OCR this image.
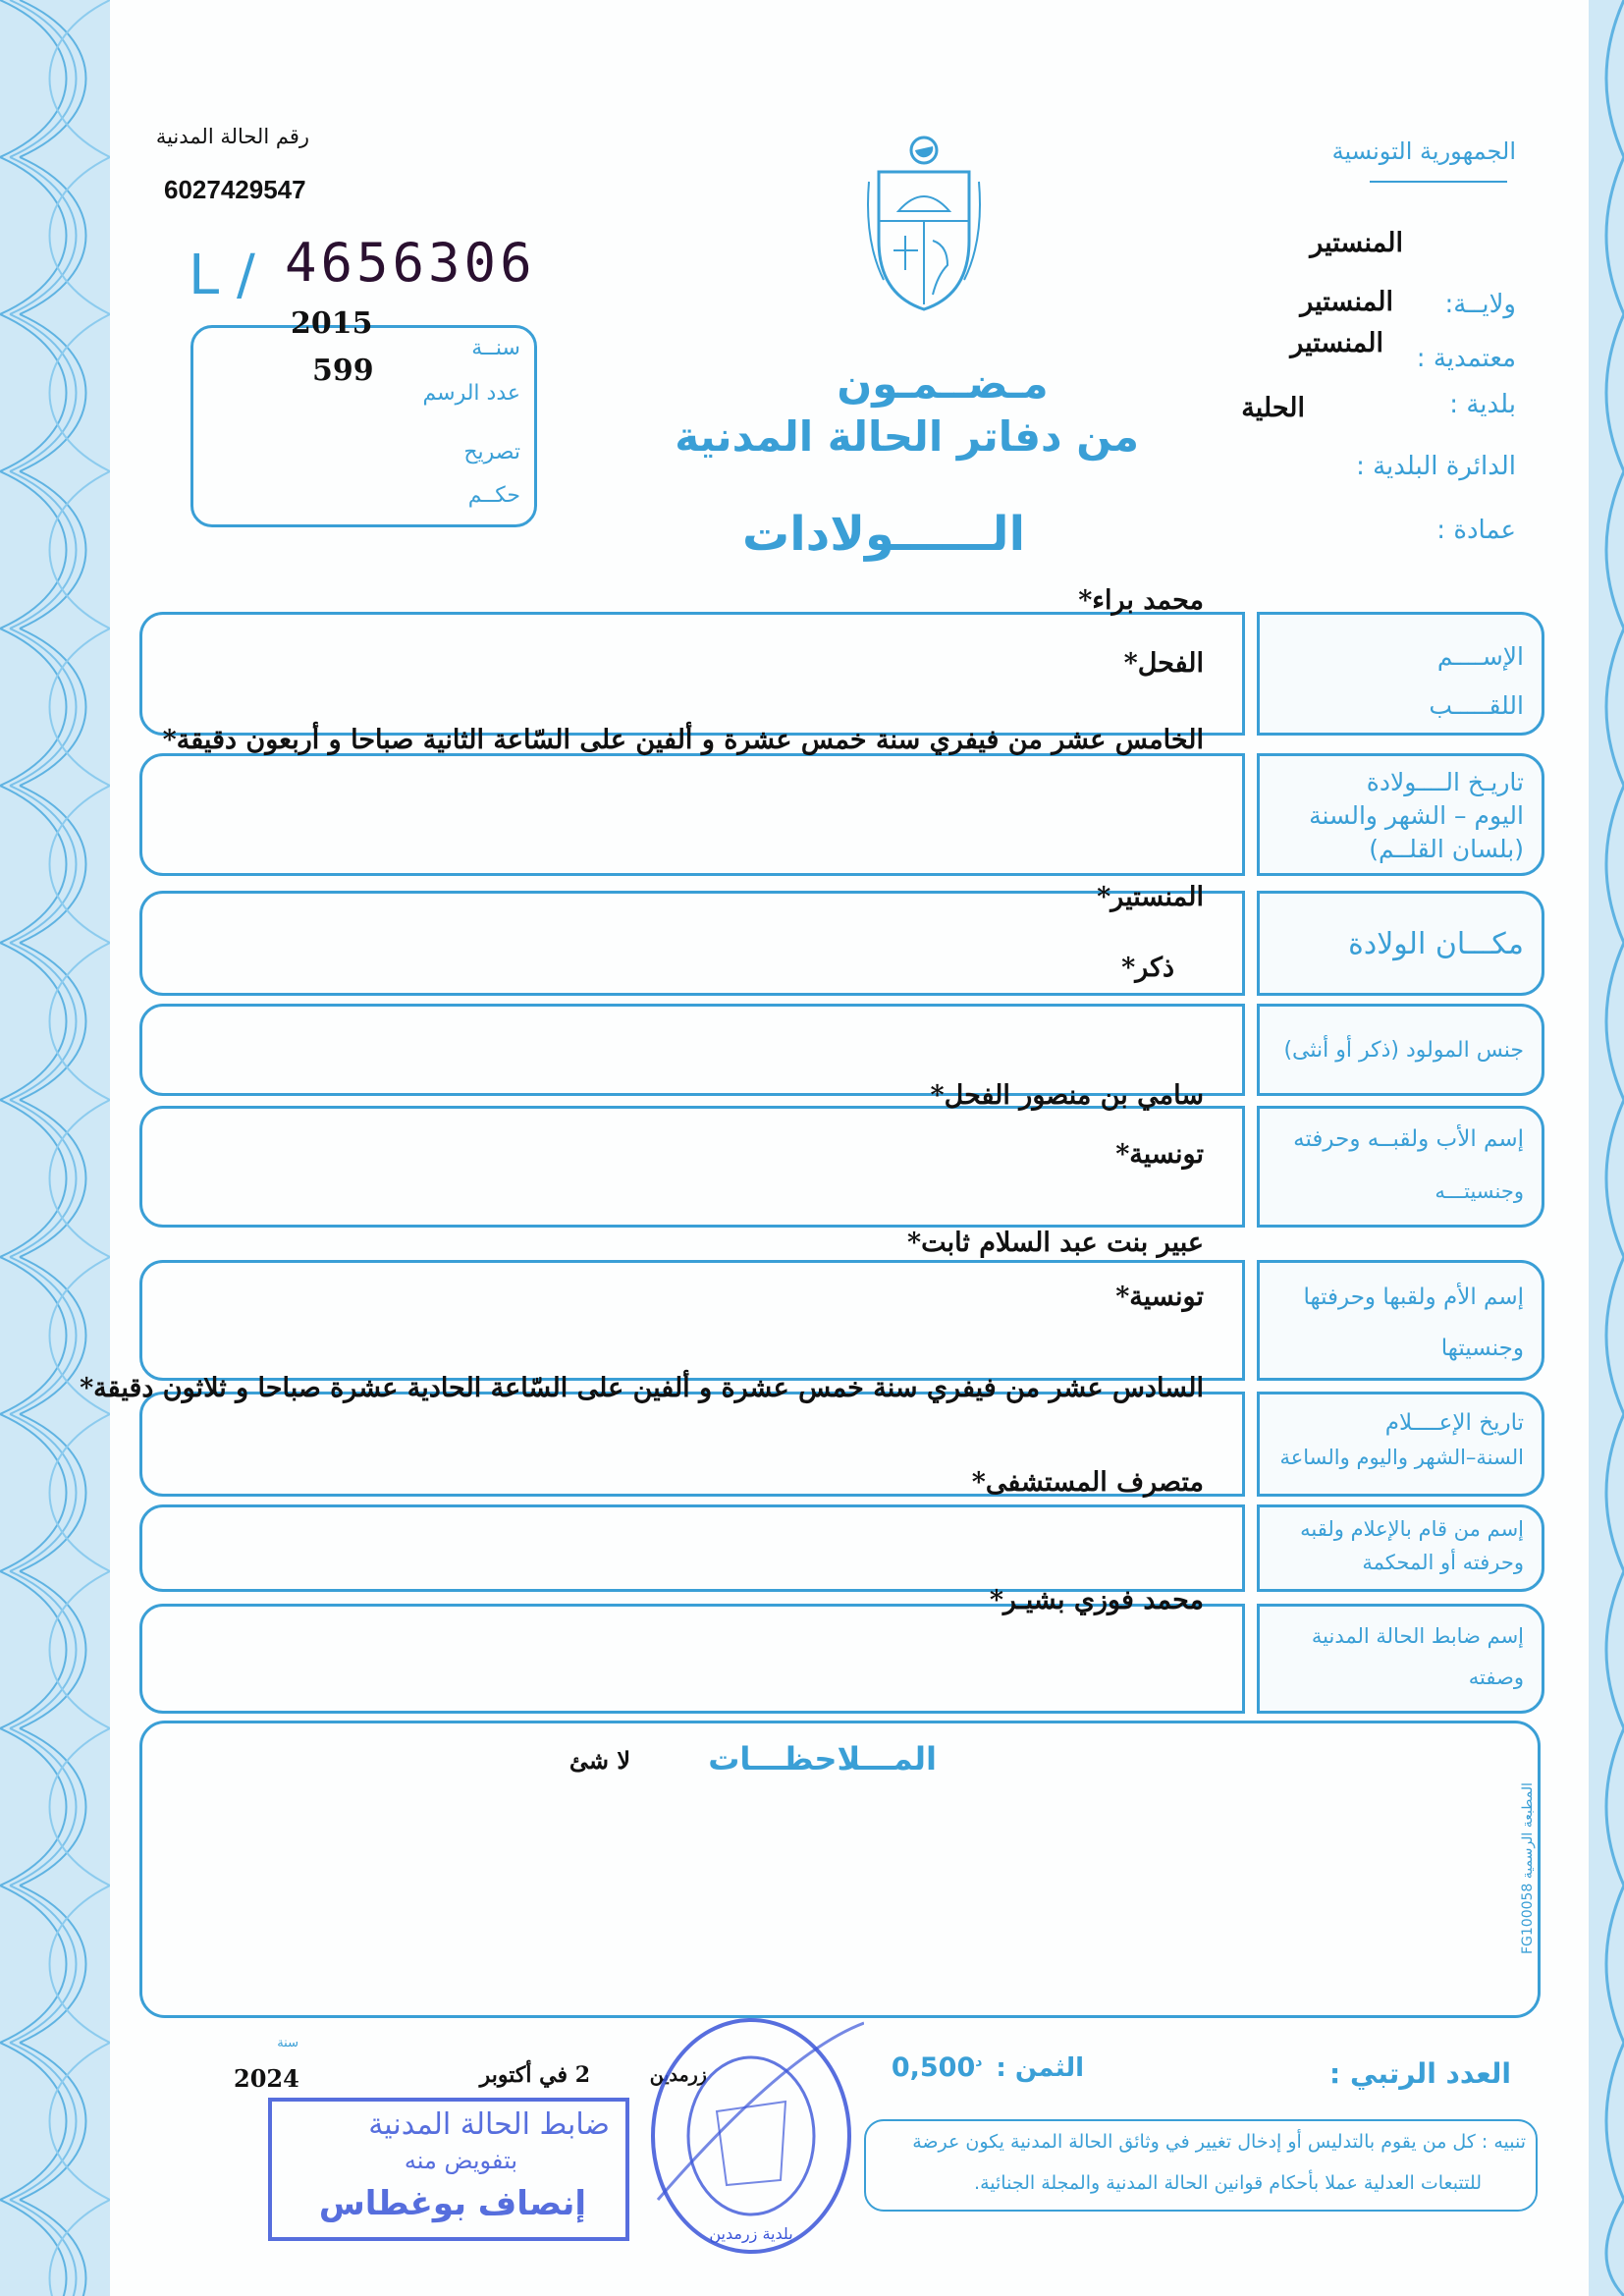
رقم الحالة المدنية
6027429547
L / 4656306
2015
599
سنــة
عدد الرسم
تصريح
حكــم
مـضــمـون
من دفاتر الحالة المدنية
الــــــولادات
الجمهورية التونسية
المنستير
ولايــة:
المنستير
معتمدية :
المنستير
بلدية :
الحلية
الدائرة البلدية :
عمادة :
الإســــم
اللقـــــب
تاريـخ الــــولادة
اليوم – الشهر والسنة
(بلسان القلــم)
مكـــان الولادة
جنس المولود (ذكر أو أنثى)
إسم الأب ولقبــه وحرفته
وجنسيتـــه
إسم الأم ولقبها وحرفتها
وجنسيتها
تاريخ الإعــــلام
السنة–الشهر واليوم والساعة
إسم من قام بالإعلام ولقبه
وحرفته أو المحكمة
إسم ضابط الحالة المدنية
وصفته
محمد براء*
الفحل*
الخامس عشر من فيفري سنة خمس عشرة و ألفين على السّاعة الثانية صباحا و أربعون دقيقة*
المنستير*
ذكر*
سامي بن منصور الفحل*
تونسية*
عبير بنت عبد السلام ثابت*
تونسية*
السادس عشر من فيفري سنة خمس عشرة و ألفين على السّاعة الحادية عشرة صباحا و ثلاثون دقيقة*
متصرف المستشفى*
محمد فوزي بشيـر*
المـــلاحظـــات
لا شئ
المطبعة الرسمية FG100058
العدد الرتبي :
الثمن :
$0,500^د$
تنبيه : كل من يقوم بالتدليس أو إدخال تغيير في وثائق الحالة المدنية يكون عرضة
للتتبعات العدلية عملا بأحكام قوانين الحالة المدنية والمجلة الجنائية.
2024
سنة
2 في أكتوبر	زرمدين
ضابط الحالة المدنية
بتفويض منه
إنصاف بوغطاس
بلدية زرمدين
